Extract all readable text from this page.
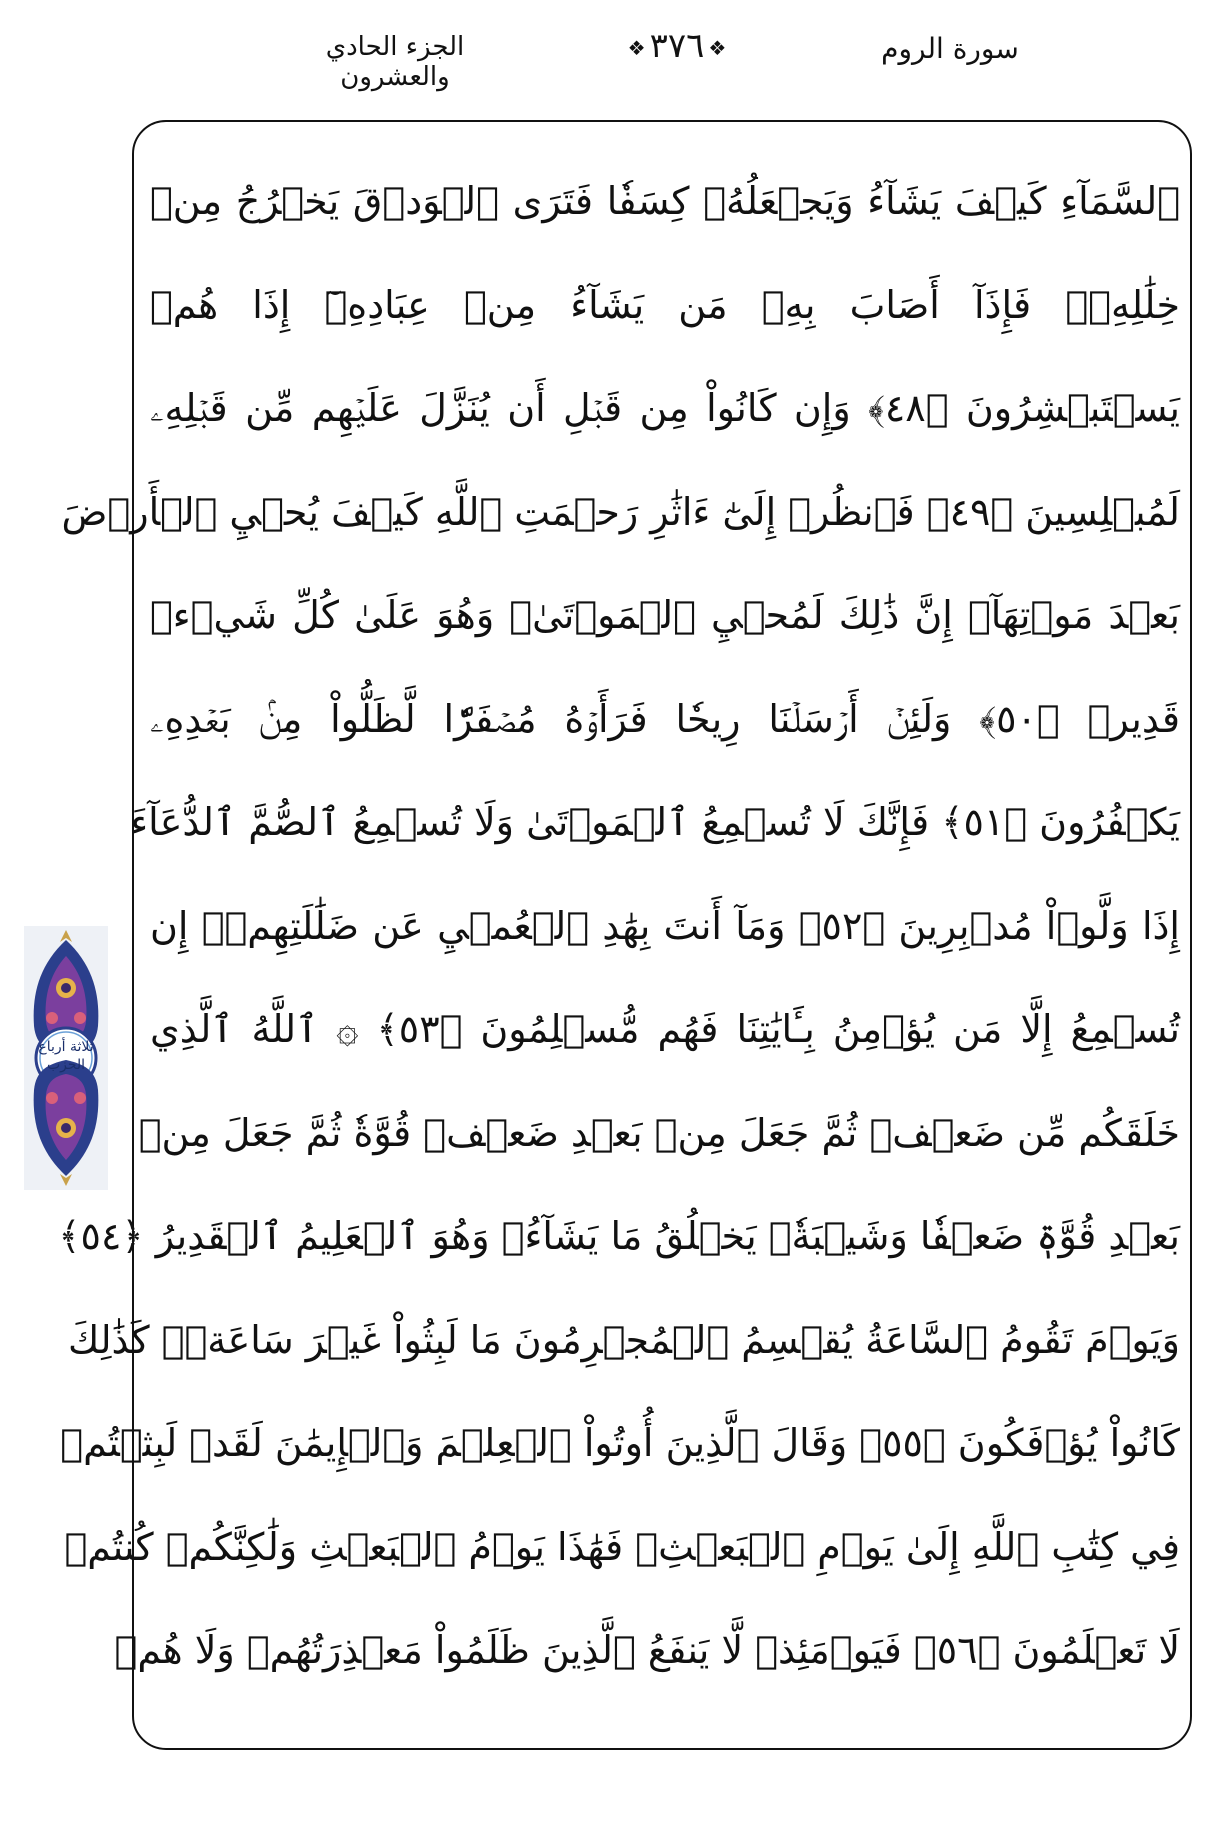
الجزء الحادي والعشرون
❖٣٧٦❖	سورة الروم
ثلاثة أرباع
الحزب
ٱلسَّمَآءِ كَيۡفَ يَشَآءُ وَيَجۡعَلُهُۥ كِسَفٗا فَتَرَى ٱلۡوَدۡقَ يَخۡرُجُ مِنۡ
خِلَٰلِهِۦۖ فَإِذَآ أَصَابَ بِهِۦ مَن يَشَآءُ مِنۡ عِبَادِهِۦٓ إِذَا هُمۡ
يَسۡتَبۡشِرُونَ ﴿٤٨﴾ وَإِن كَانُواْ مِن قَبۡلِ أَن يُنَزَّلَ عَلَيۡهِم مِّن قَبۡلِهِۦ
لَمُبۡلِسِينَ ﴿٤٩﴾ فَٱنظُرۡ إِلَىٰٓ ءَاثَٰرِ رَحۡمَتِ ٱللَّهِ كَيۡفَ يُحۡيِ ٱلۡأَرۡضَ
بَعۡدَ مَوۡتِهَآۚ إِنَّ ذَٰلِكَ لَمُحۡيِ ٱلۡمَوۡتَىٰۖ وَهُوَ عَلَىٰ كُلِّ شَيۡءٖ
قَدِيرٞ ﴿٥٠﴾ وَلَئِنۡ أَرۡسَلۡنَا رِيحٗا فَرَأَوۡهُ مُصۡفَرّٗا لَّظَلُّواْ مِنۢ بَعۡدِهِۦ
يَكۡفُرُونَ ﴿٥١﴾ فَإِنَّكَ لَا تُسۡمِعُ ٱلۡمَوۡتَىٰ وَلَا تُسۡمِعُ ٱلصُّمَّ ٱلدُّعَآءَ
إِذَا وَلَّوۡاْ مُدۡبِرِينَ ﴿٥٢﴾ وَمَآ أَنتَ بِهَٰدِ ٱلۡعُمۡيِ عَن ضَلَٰلَتِهِمۡۖ إِن
تُسۡمِعُ إِلَّا مَن يُؤۡمِنُ بِـَٔايَٰتِنَا فَهُم مُّسۡلِمُونَ ﴿٥٣﴾ ۞ ٱللَّهُ ٱلَّذِي
خَلَقَكُم مِّن ضَعۡفٖ ثُمَّ جَعَلَ مِنۢ بَعۡدِ ضَعۡفٖ قُوَّةٗ ثُمَّ جَعَلَ مِنۢ
بَعۡدِ قُوَّةٖ ضَعۡفٗا وَشَيۡبَةٗۚ يَخۡلُقُ مَا يَشَآءُۖ وَهُوَ ٱلۡعَلِيمُ ٱلۡقَدِيرُ ﴿٥٤﴾
وَيَوۡمَ تَقُومُ ٱلسَّاعَةُ يُقۡسِمُ ٱلۡمُجۡرِمُونَ مَا لَبِثُواْ غَيۡرَ سَاعَةٖۚ كَذَٰلِكَ
كَانُواْ يُؤۡفَكُونَ ﴿٥٥﴾ وَقَالَ ٱلَّذِينَ أُوتُواْ ٱلۡعِلۡمَ وَٱلۡإِيمَٰنَ لَقَدۡ لَبِثۡتُمۡ
فِي كِتَٰبِ ٱللَّهِ إِلَىٰ يَوۡمِ ٱلۡبَعۡثِۖ فَهَٰذَا يَوۡمُ ٱلۡبَعۡثِ وَلَٰكِنَّكُمۡ كُنتُمۡ
لَا تَعۡلَمُونَ ﴿٥٦﴾ فَيَوۡمَئِذٖ لَّا يَنفَعُ ٱلَّذِينَ ظَلَمُواْ مَعۡذِرَتُهُمۡ وَلَا هُمۡ
